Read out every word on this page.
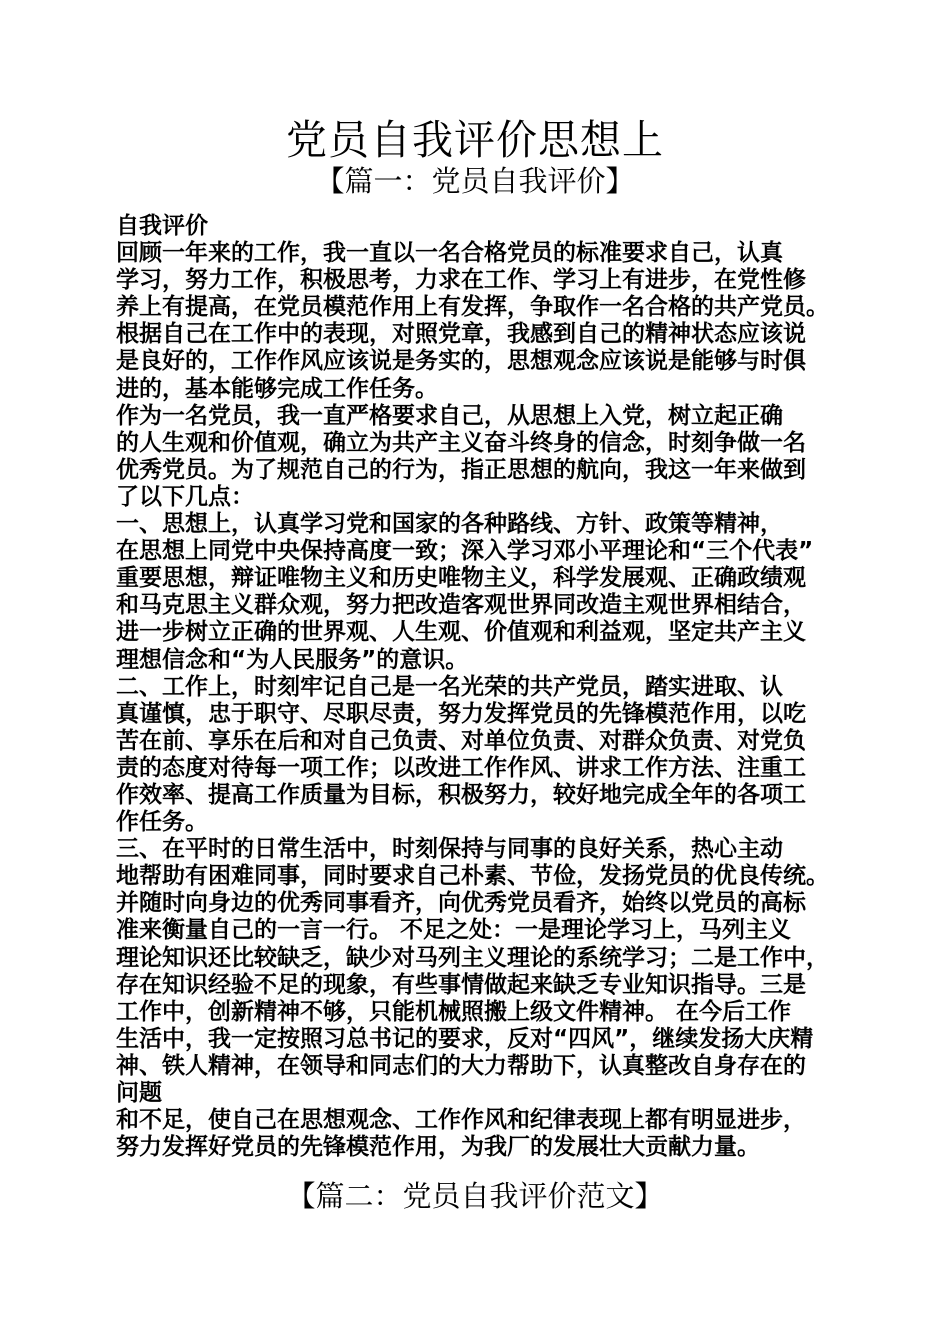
党员自我评价思想上
【篇一：党员自我评价】

自我评价

回顾一年来的工作，我一直以一名合格党员的标准要求自己，认真

学习，努力工作，积极思考，力求在工作、学习上有进步，在党性修

养上有提高，在党员模范作用上有发挥，争取作一名合格的共产党员。

根据自己在工作中的表现，对照党章，我感到自己的精神状态应该说

是良好的，工作作风应该说是务实的，思想观念应该说是能够与时俱

进的，基本能够完成工作任务。

作为一名党员，我一直严格要求自己，从思想上入党，树立起正确

的人生观和价值观，确立为共产主义奋斗终身的信念，时刻争做一名

优秀党员。为了规范自己的行为，指正思想的航向，我这一年来做到

了以下几点：

一、思想上，认真学习党和国家的各种路线、方针、政策等精神，

在思想上同党中央保持高度一致；深入学习邓小平理论和“三个代表”

重要思想，辩证唯物主义和历史唯物主义，科学发展观、正确政绩观

和马克思主义群众观，努力把改造客观世界同改造主观世界相结合，

进一步树立正确的世界观、人生观、价值观和利益观，坚定共产主义

理想信念和“为人民服务”的意识。

二、工作上，时刻牢记自己是一名光荣的共产党员，踏实进取、认

真谨慎，忠于职守、尽职尽责，努力发挥党员的先锋模范作用，以吃

苦在前、享乐在后和对自己负责、对单位负责、对群众负责、对党负

责的态度对待每一项工作；以改进工作作风、讲求工作方法、注重工

作效率、提高工作质量为目标，积极努力，较好地完成全年的各项工

作任务。

三、在平时的日常生活中，时刻保持与同事的良好关系，热心主动

地帮助有困难同事，同时要求自己朴素、节俭，发扬党员的优良传统。

并随时向身边的优秀同事看齐，向优秀党员看齐，始终以党员的高标

准来衡量自己的一言一行。 不足之处：一是理论学习上，马列主义

理论知识还比较缺乏，缺少对马列主义理论的系统学习；二是工作中，

存在知识经验不足的现象，有些事情做起来缺乏专业知识指导。三是

工作中，创新精神不够，只能机械照搬上级文件精神。 在今后工作

生活中，我一定按照习总书记的要求，反对“四风”，继续发扬大庆精

神、铁人精神，在领导和同志们的大力帮助下，认真整改自身存在的

问题

和不足，使自己在思想观念、工作作风和纪律表现上都有明显进步，

努力发挥好党员的先锋模范作用，为我厂的发展壮大贡献力量。

【篇二：党员自我评价范文】
